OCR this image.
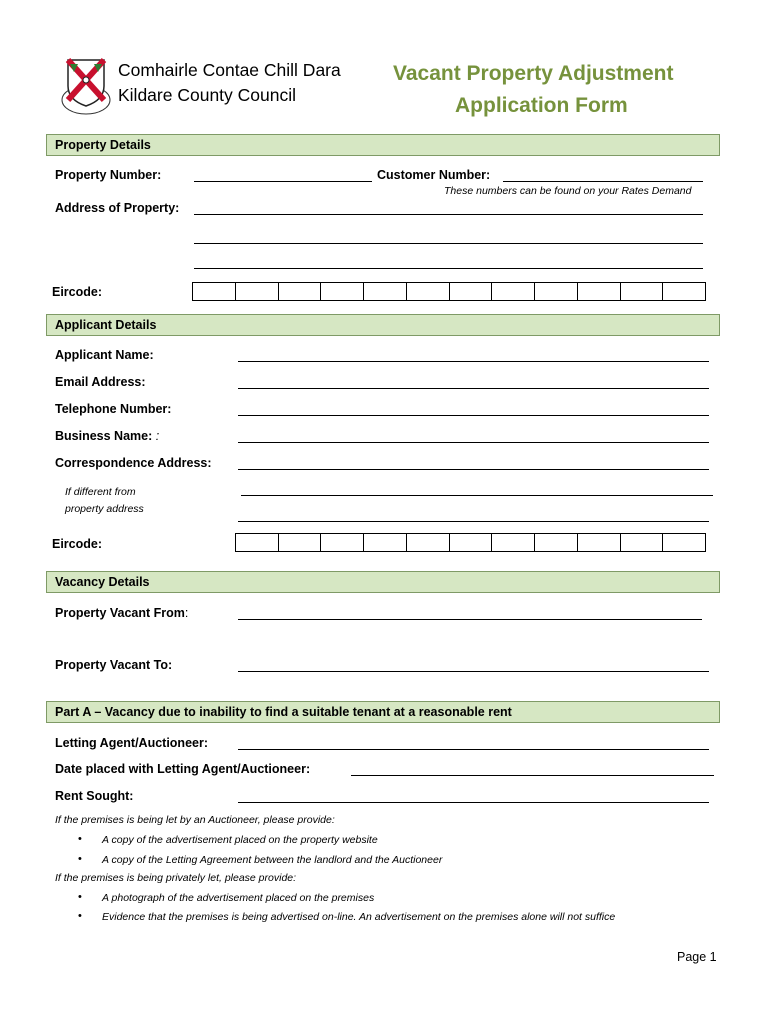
Comhairle Contae Chill Dara
Kildare County Council
Vacant Property Adjustment
Application Form
Property Details
Property Number:	Customer Number:
These numbers can be found on your Rates Demand
Address of Property:
Eircode:
Applicant Details
Applicant Name:
Email Address:
Telephone Number:
Business Name: :
Correspondence Address:
If different from
property address
Eircode:
Vacancy Details
Property Vacant From:
Property Vacant To:
Part A – Vacancy due to inability to find a suitable tenant at a reasonable rent
Letting Agent/Auctioneer:
Date placed with Letting Agent/Auctioneer:
Rent Sought:
If the premises is being let by an Auctioneer, please provide:
• A copy of the advertisement placed on the property website
• A copy of the Letting Agreement between the landlord and the Auctioneer
If the premises is being privately let, please provide:
• A photograph of the advertisement placed on the premises
• Evidence that the premises is being advertised on-line. An advertisement on the premises alone will not suffice
Page 1
